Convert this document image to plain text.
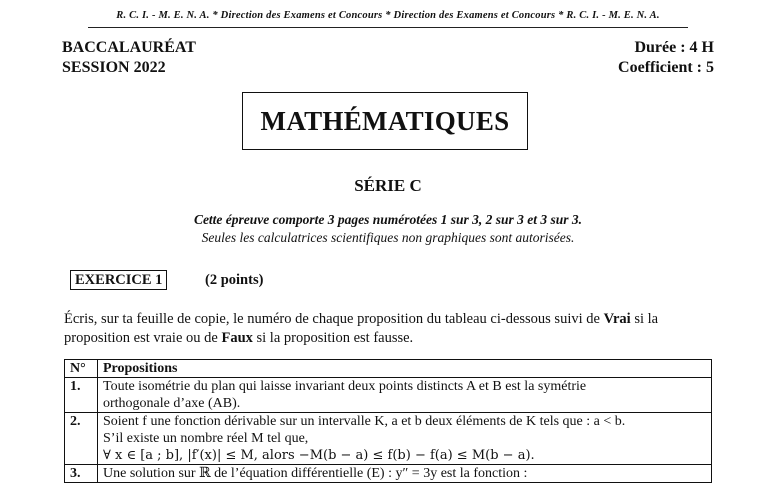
R. C. I. - M. E. N. A. * Direction des Examens et Concours * Direction des Examens et Concours * R. C. I. - M. E. N. A.
BACCALAURÉAT
SESSION 2022
Durée : 4 H
Coefficient : 5
MATHÉMATIQUES
SÉRIE C
Cette épreuve comporte 3 pages numérotées 1 sur 3, 2 sur 3 et 3 sur 3.
Seules les calculatrices scientifiques non graphiques sont autorisées.
EXERCICE 1	(2 points)
Écris, sur ta feuille de copie, le numéro de chaque proposition du tableau ci-dessous suivi de Vrai si la proposition est vraie ou de Faux si la proposition est fausse.
N°	Propositions
1.	Toute isométrie du plan qui laisse invariant deux points distincts A et B est la symétrie
orthogonale d’axe (AB).

2.	Soient f une fonction dérivable sur un intervalle K, a et b deux éléments de K tels que : a < b.
S’il existe un nombre réel M tel que,
∀ x ∈ [a ; b], |f′(x)| ≤ M, alors −M(b − a) ≤ f(b) − f(a) ≤ M(b − a).

3.	Une solution sur ℝ de l’équation différentielle (E) : y″ = 3y est la fonction :
